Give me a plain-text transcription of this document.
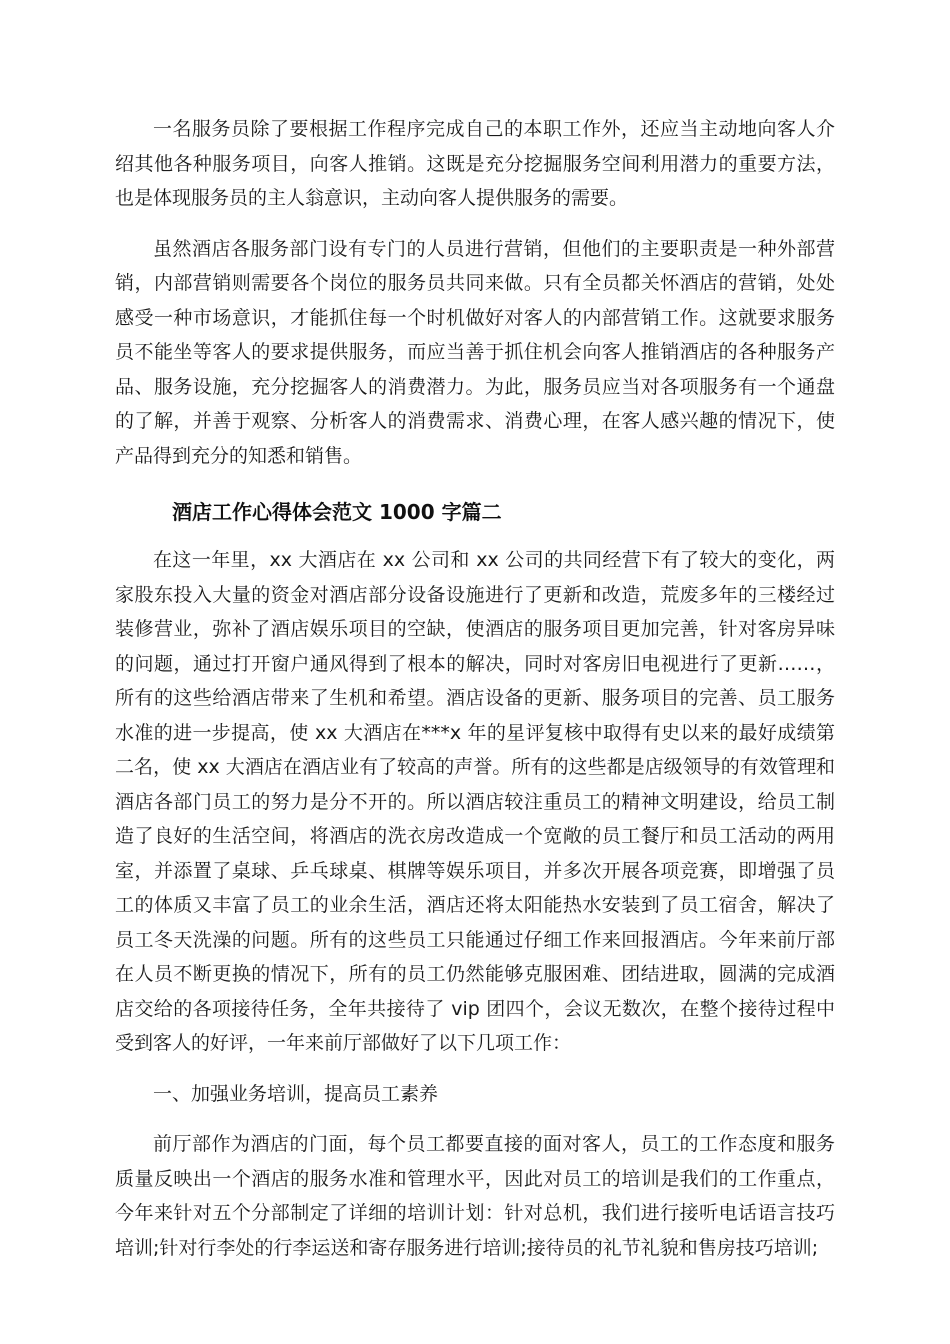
一名服务员除了要根据工作程序完成自己的本职工作外，还应当主动地向客人介绍其他各种服务项目，向客人推销。这既是充分挖掘服务空间利用潜力的重要方法，也是体现服务员的主人翁意识，主动向客人提供服务的需要。

虽然酒店各服务部门设有专门的人员进行营销，但他们的主要职责是一种外部营销，内部营销则需要各个岗位的服务员共同来做。只有全员都关怀酒店的营销，处处感受一种市场意识，才能抓住每一个时机做好对客人的内部营销工作。这就要求服务员不能坐等客人的要求提供服务，而应当善于抓住机会向客人推销酒店的各种服务产品、服务设施，充分挖掘客人的消费潜力。为此，服务员应当对各项服务有一个通盘的了解，并善于观察、分析客人的消费需求、消费心理，在客人感兴趣的情况下，使产品得到充分的知悉和销售。

酒店工作心得体会范文 1000 字篇二

在这一年里，xx 大酒店在 xx 公司和 xx 公司的共同经营下有了较大的变化，两家股东投入大量的资金对酒店部分设备设施进行了更新和改造，荒废多年的三楼经过装修营业，弥补了酒店娱乐项目的空缺，使酒店的服务项目更加完善，针对客房异味的问题，通过打开窗户通风得到了根本的解决，同时对客房旧电视进行了更新……，所有的这些给酒店带来了生机和希望。酒店设备的更新、服务项目的完善、员工服务水准的进一步提高，使 xx 大酒店在***x 年的星评复核中取得有史以来的最好成绩第二名，使 xx 大酒店在酒店业有了较高的声誉。所有的这些都是店级领导的有效管理和酒店各部门员工的努力是分不开的。所以酒店较注重员工的精神文明建设，给员工制造了良好的生活空间，将酒店的洗衣房改造成一个宽敞的员工餐厅和员工活动的两用室，并添置了桌球、乒乓球桌、棋牌等娱乐项目，并多次开展各项竞赛，即增强了员工的体质又丰富了员工的业余生活，酒店还将太阳能热水安装到了员工宿舍，解决了员工冬天洗澡的问题。所有的这些员工只能通过仔细工作来回报酒店。今年来前厅部在人员不断更换的情况下，所有的员工仍然能够克服困难、团结进取，圆满的完成酒店交给的各项接待任务，全年共接待了 vip 团四个，会议无数次，在整个接待过程中受到客人的好评，一年来前厅部做好了以下几项工作：

一、加强业务培训，提高员工素养

前厅部作为酒店的门面，每个员工都要直接的面对客人，员工的工作态度和服务质量反映出一个酒店的服务水准和管理水平，因此对员工的培训是我们的工作重点，今年来针对五个分部制定了详细的培训计划：针对总机，我们进行接听电话语言技巧培训;针对行李处的行李运送和寄存服务进行培训;接待员的礼节礼貌和售房技巧培训;
